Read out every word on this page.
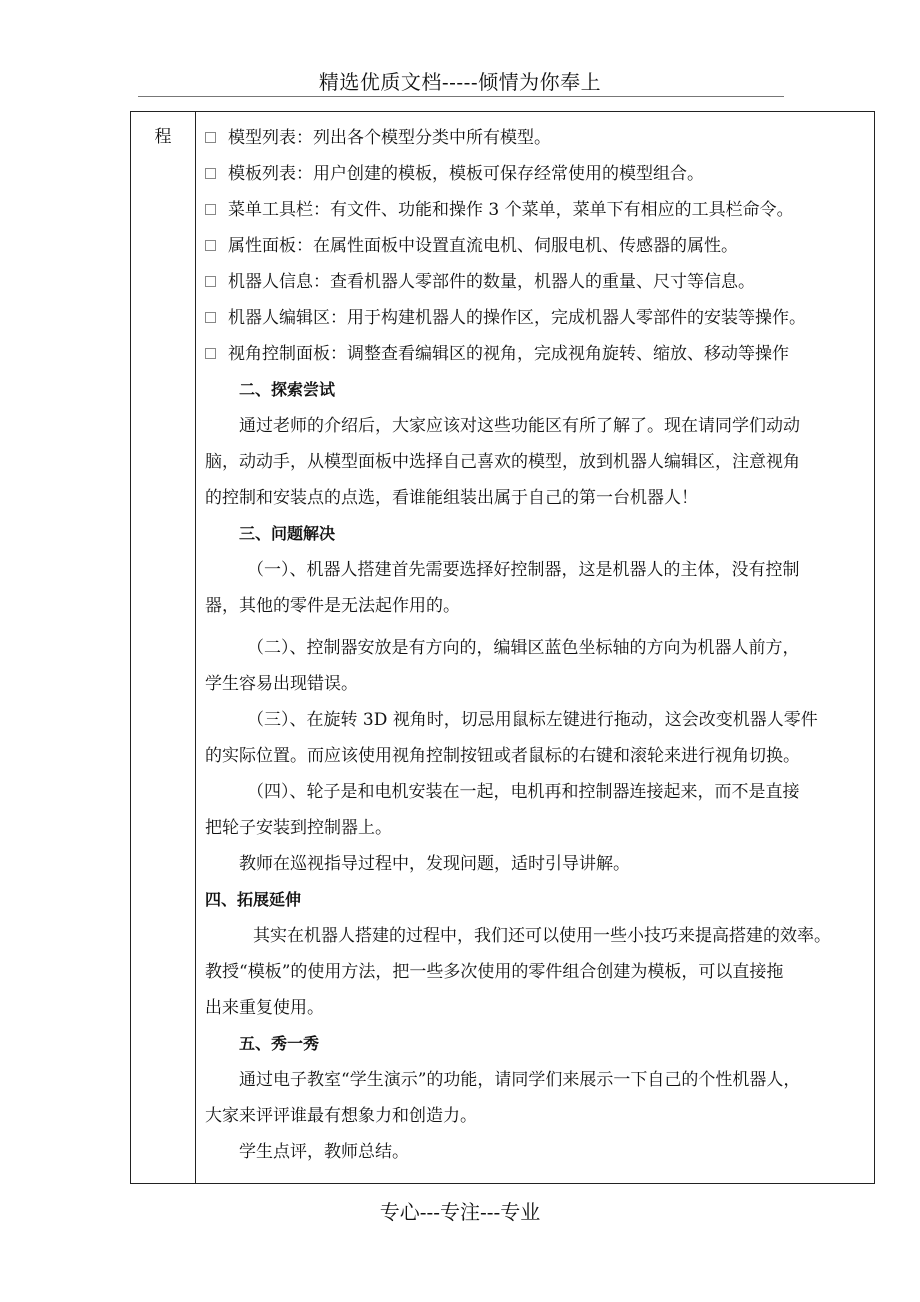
精选优质文档-----倾情为你奉上
程	模型列表：列出各个模型分类中所有模型。
模板列表：用户创建的模板，模板可保存经常使用的模型组合。
菜单工具栏：有文件、功能和操作 3 个菜单，菜单下有相应的工具栏命令。
属性面板：在属性面板中设置直流电机、伺服电机、传感器的属性。
机器人信息：查看机器人零部件的数量，机器人的重量、尺寸等信息。
机器人编辑区：用于构建机器人的操作区，完成机器人零部件的安装等操作。
视角控制面板：调整查看编辑区的视角，完成视角旋转、缩放、移动等操作
二、探索尝试
通过老师的介绍后，大家应该对这些功能区有所了解了。现在请同学们动动
脑，动动手，从模型面板中选择自己喜欢的模型，放到机器人编辑区，注意视角
的控制和安装点的点选，看谁能组装出属于自己的第一台机器人！
三、问题解决
（一）、机器人搭建首先需要选择好控制器，这是机器人的主体，没有控制
器，其他的零件是无法起作用的。
（二）、控制器安放是有方向的，编辑区蓝色坐标轴的方向为机器人前方，
学生容易出现错误。
（三）、在旋转 3D 视角时，切忌用鼠标左键进行拖动，这会改变机器人零件
的实际位置。而应该使用视角控制按钮或者鼠标的右键和滚轮来进行视角切换。
（四）、轮子是和电机安装在一起，电机再和控制器连接起来，而不是直接
把轮子安装到控制器上。
教师在巡视指导过程中，发现问题，适时引导讲解。
四、拓展延伸
其实在机器人搭建的过程中，我们还可以使用一些小技巧来提高搭建的效率。
教授“模板”的使用方法，把一些多次使用的零件组合创建为模板，可以直接拖
出来重复使用。
五、秀一秀
通过电子教室“学生演示”的功能，请同学们来展示一下自己的个性机器人，
大家来评评谁最有想象力和创造力。
学生点评，教师总结。
专心---专注---专业
